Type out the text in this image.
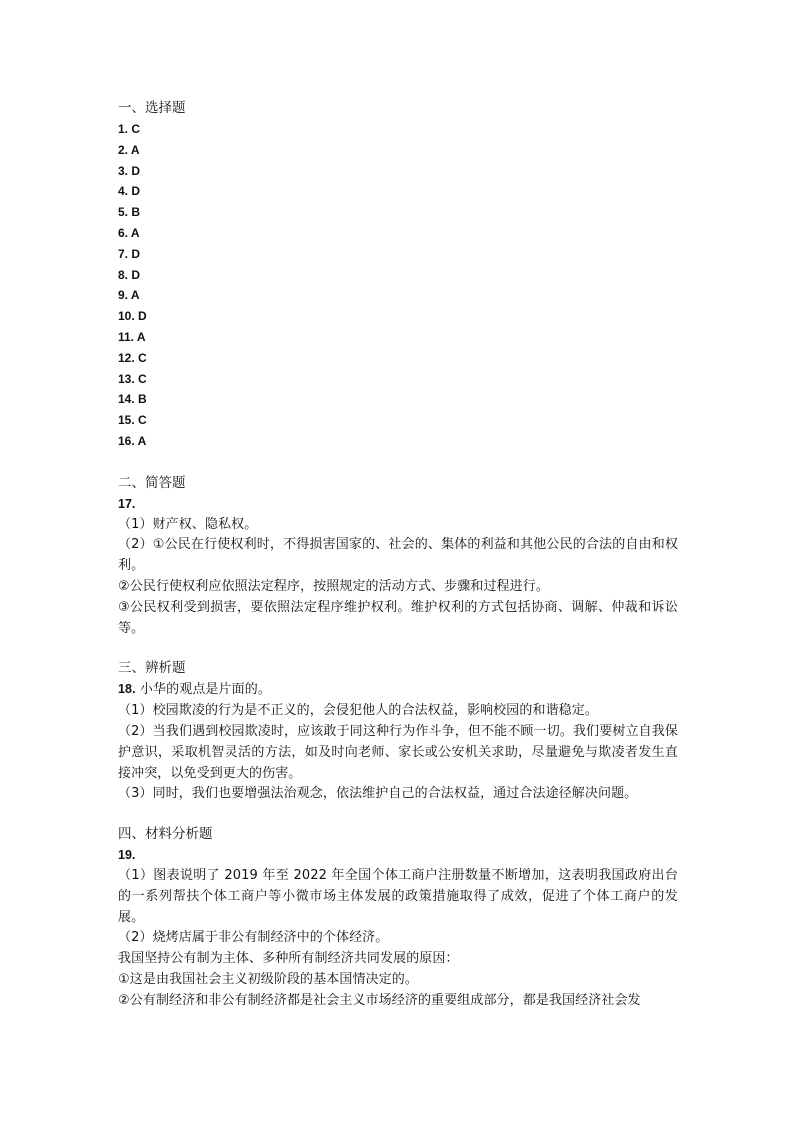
一、选择题
1. C
2. A
3. D
4. D
5. B
6. A
7. D
8. D
9. A
10. D
11. A
12. C
13. C
14. B
15. C
16. A
二、简答题
17.

（1）财产权、隐私权。

（2）①公民在行使权利时，不得损害国家的、社会的、集体的利益和其他公民的合法的自由和权利。

②公民行使权利应依照法定程序，按照规定的活动方式、步骤和过程进行。

③公民权利受到损害，要依照法定程序维护权利。维护权利的方式包括协商、调解、仲裁和诉讼等。

三、辨析题

18. 小华的观点是片面的。

（1）校园欺凌的行为是不正义的，会侵犯他人的合法权益，影响校园的和谐稳定。

（2）当我们遇到校园欺凌时，应该敢于同这种行为作斗争，但不能不顾一切。我们要树立自我保护意识，采取机智灵活的方法，如及时向老师、家长或公安机关求助，尽量避免与欺凌者发生直接冲突，以免受到更大的伤害。

（3）同时，我们也要增强法治观念，依法维护自己的合法权益，通过合法途径解决问题。

四、材料分析题
19.

（1）图表说明了 2019 年至 2022 年全国个体工商户注册数量不断增加，这表明我国政府出台的一系列帮扶个体工商户等小微市场主体发展的政策措施取得了成效，促进了个体工商户的发展。

（2）烧烤店属于非公有制经济中的个体经济。

我国坚持公有制为主体、多种所有制经济共同发展的原因：

①这是由我国社会主义初级阶段的基本国情决定的。

②公有制经济和非公有制经济都是社会主义市场经济的重要组成部分，都是我国经济社会发
